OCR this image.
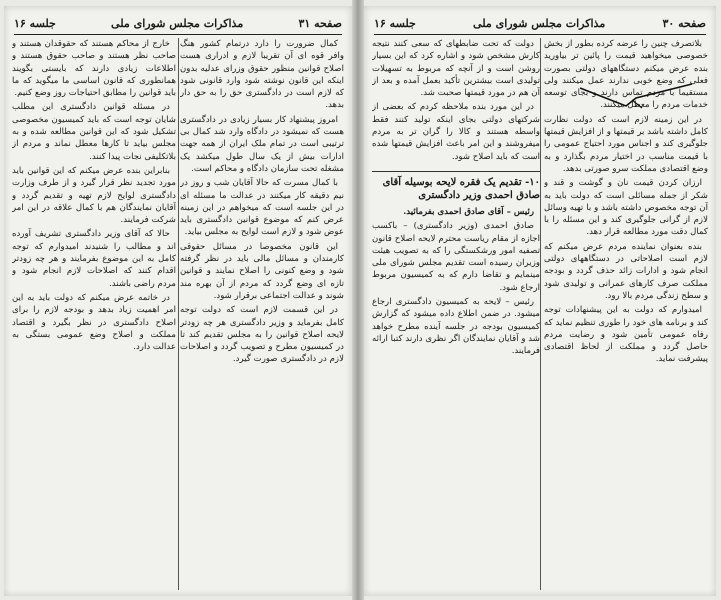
مذاکرات مجلس شورای ملی
جلسه ۱۶	صفحه ۳۱

کمال ضرورت را دارد درتمام کشور هنگ وافر قوه ای آن تقریبا لازم و ادراری هست اصلاح قوانین منظور حقوق وزرای عدلیه بدون اینکه این قانون نوشته شود وارد قانونی شود که لازم است در دادگستری حق را به حق دار بدهد.

امروز پیشنهاد کار بسیار زیادی در دادگستری هست که نمیشود در دادگاه وارد شد کمال بی ترتیبی است در تمام ملک ایران از همه جهت ادارات بیش از یک سال طول میکشد یک مشغله تحت سازمان دادگاه و محاکم است.

با کمال مسرت که حالا آقایان شب و روز در نیم دقیقه کار میکنند در عدالت ما مسئله ای در این جلسه است که میخواهم در این زمینه عرض کنم که موضوع قوانین دادگستری باید عوض شود و لازم است لوایح به مجلس بیاید.

این قانون مخصوصا در مسائل حقوقی کارمندان و مسائل مالی باید در نظر گرفته شود و وضع کنونی را اصلاح نمایند و قوانین تازه ای وضع گردد که مردم از آن بهره مند شوند و عدالت اجتماعی برقرار شود.

در این قسمت لازم است که دولت توجه کامل بفرماید و وزیر دادگستری هر چه زودتر لایحه اصلاح قوانین را به مجلس تقدیم کند تا در کمیسیون مطرح و تصویب گردد و اصلاحات لازم در دادگستری صورت گیرد.

خارج از محاکم هستند که حقوقدان هستند و صاحب نظر هستند و صاحب حقوق هستند و اطلاعات زیادی دارند که بایستی بگویند همانطوری که قانون اساسی ما میگوید که ما باید قوانین را مطابق احتیاجات روز وضع کنیم.

در مسئله قوانین دادگستری این مطلب شایان توجه است که باید کمیسیون مخصوصی تشکیل شود که این قوانین مطالعه شده و به مجلس بیاید تا کارها معطل نماند و مردم از بلاتکلیفی نجات پیدا کنند.

بنابراین بنده عرض میکنم که این قوانین باید مورد تجدید نظر قرار گیرد و از طرف وزارت دادگستری لوایح لازم تهیه و تقدیم گردد و آقایان نمایندگان هم با کمال علاقه در این امر شرکت فرمایند.

حالا که آقای وزیر دادگستری تشریف آورده اند و مطالب را شنیدند امیدوارم که توجه کامل به این موضوع بفرمایند و هر چه زودتر اقدام کنند که اصلاحات لازم انجام شود و مردم راضی باشند.

در خاتمه عرض میکنم که دولت باید به این امر اهمیت زیاد بدهد و بودجه لازم را برای اصلاح دادگستری در نظر بگیرد و اقتصاد مملکت و اصلاح وضع عمومی بستگی به عدالت دارد.

صفحه ۳۰
مذاکرات مجلس شورای ملی
جلسه ۱۶

بلاتصرف چنین را عرضه کرده بطور از بخش خصوصی میخواهید قیمت را پائین تر بیاورید بنده عرض میکنم دستگاههای دولتی بصورت فعلی که وضع خوبی ندارند عمل میکنند ولی مستقیما با مردم تماس دارند و بجای توسعه خدمات مردم را معطل میکنند.

در این زمینه لازم است که دولت نظارت کامل داشته باشد بر قیمتها و از افزایش قیمتها جلوگیری کند و اجناس مورد احتیاج عمومی را با قیمت مناسب در اختیار مردم بگذارد و به وضع اقتصادی مملکت سرو صورتی بدهد.

ارزان کردن قیمت نان و گوشت و قند و شکر از جمله مسائلی است که دولت باید به آن توجه مخصوص داشته باشد و با تهیه وسائل لازم از گرانی جلوگیری کند و این مسئله را با کمال دقت مورد مطالعه قرار دهد.

بنده بعنوان نماینده مردم عرض میکنم که لازم است اصلاحاتی در دستگاههای دولتی انجام شود و ادارات زائد حذف گردد و بودجه مملکت صرف کارهای عمرانی و تولیدی شود و سطح زندگی مردم بالا رود.

امیدوارم که دولت به این پیشنهادات توجه کند و برنامه های خود را طوری تنظیم نماید که رفاه عمومی تأمین شود و رضایت مردم حاصل گردد و مملکت از لحاظ اقتصادی پیشرفت نماید.

دولت که تحت ضابطهای که سعی کنند نتیجه کارش مشخص شود و اشاره کرد که این بسیار روشن است و از آنچه که مربوط به تسهیلات تولیدی است بیشترین تأکید بعمل آمده و بعد از آن هم در مورد قیمتها صحبت شد.

در این مورد بنده ملاحظه کردم که بعضی از شرکتهای دولتی بجای اینکه تولید کنند فقط واسطه هستند و کالا را گران تر به مردم میفروشند و این امر باعث افزایش قیمتها شده است که باید اصلاح شود.

۱۰- تقدیم یک فقره لایحه بوسیله آقای صادق احمدی وزیر دادگستری

رئیس – آقای صادق احمدی بفرمائید.

صادق احمدی (وزیر دادگستری) – باکسب اجازه از مقام ریاست محترم لایحه اصلاح قانون تصفیه امور ورشکستگی را که به تصویب هیئت وزیران رسیده است تقدیم مجلس شورای ملی مینمایم و تقاضا دارم که به کمیسیون مربوط ارجاع شود.

رئیس – لایحه به کمیسیون دادگستری ارجاع میشود. در ضمن اطلاع داده میشود که گزارش کمیسیون بودجه در جلسه آینده مطرح خواهد شد و آقایان نمایندگان اگر نظری دارند کتبا ارائه فرمایند.
